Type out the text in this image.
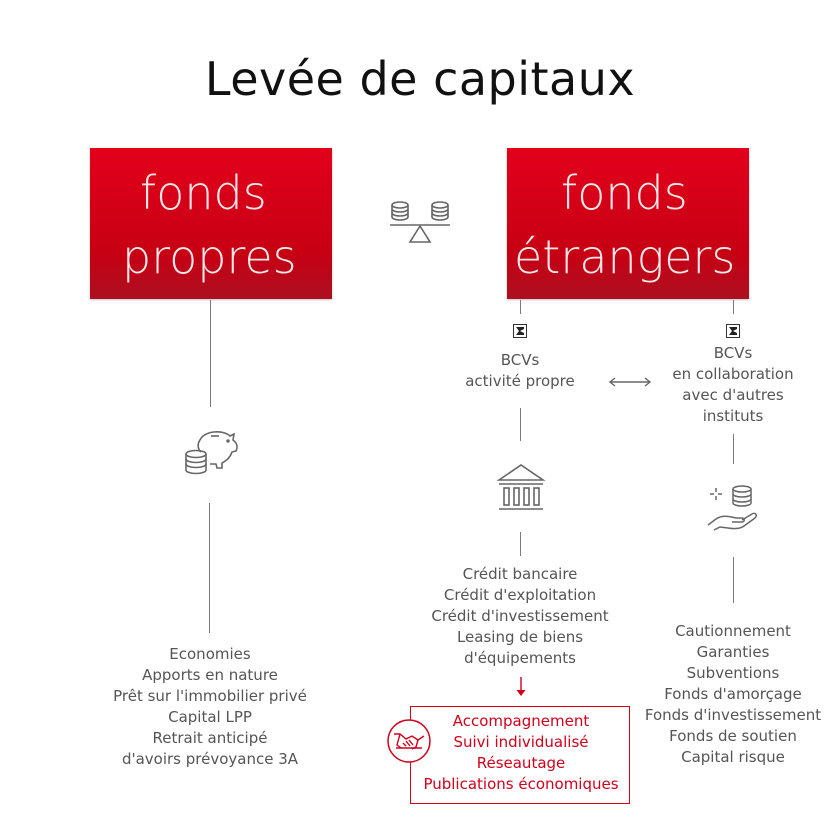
Levée de capitaux
fonds
propres
fonds
étrangers
Economies
Apports en nature
Prêt sur l'immobilier privé
Capital LPP
Retrait anticipé
d'avoirs prévoyance 3A
BCVs
activité propre
BCVs
en collaboration
avec d'autres
instituts
Crédit bancaire
Crédit d'exploitation
Crédit d'investissement
Leasing de biens
d'équipements
Cautionnement
Garanties
Subventions
Fonds d'amorçage
Fonds d'investissement
Fonds de soutien
Capital risque
Accompagnement
Suivi individualisé
Réseautage
Publications économiques
